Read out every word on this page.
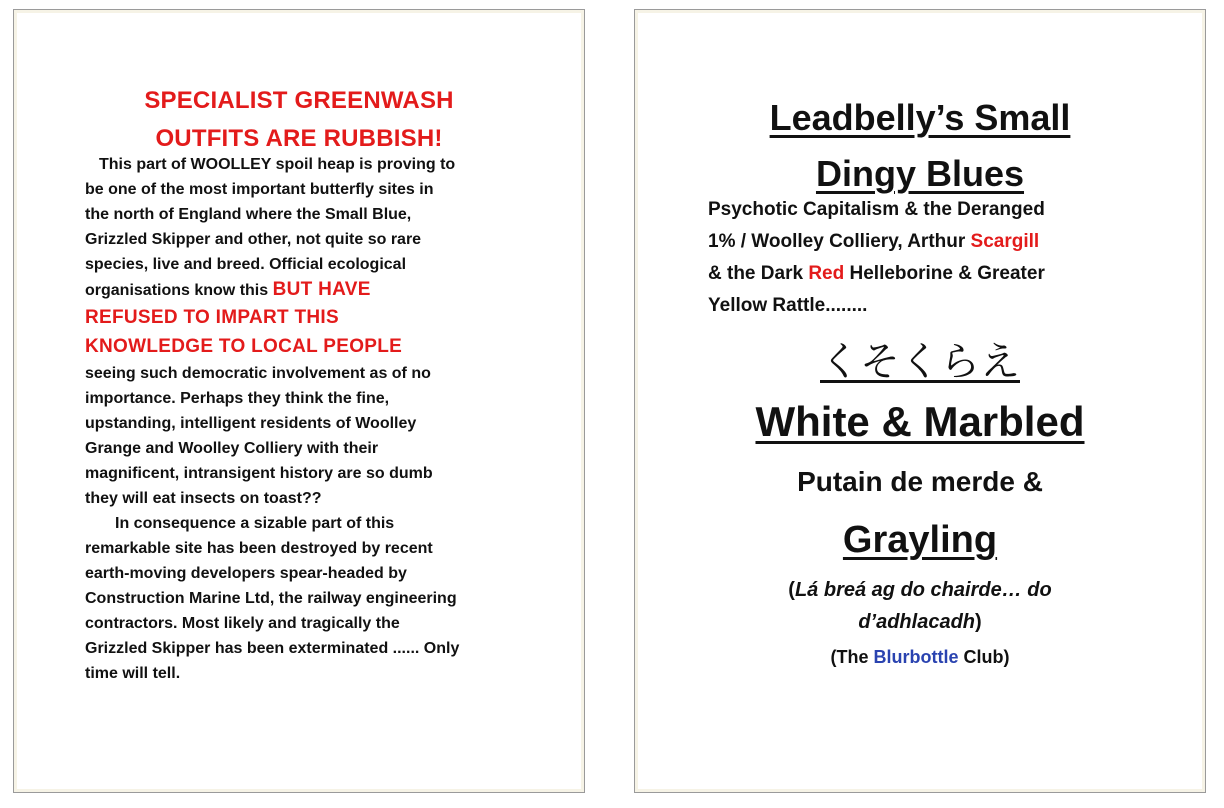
SPECIALIST GREENWASH
OUTFITS ARE RUBBISH!
This part of WOOLLEY spoil heap is proving to
be one of the most important butterfly sites in
the north of England where the Small Blue,
Grizzled Skipper and other, not quite so rare
species, live and breed. Official ecological
organisations know this BUT HAVE
REFUSED TO IMPART THIS
KNOWLEDGE TO LOCAL PEOPLE
seeing such democratic involvement as of no
importance. Perhaps they think the fine,
upstanding, intelligent residents of Woolley
Grange and Woolley Colliery with their
magnificent, intransigent history are so dumb
they will eat insects on toast??
In consequence a sizable part of this
remarkable site has been destroyed by recent
earth-moving developers spear-headed by
Construction Marine Ltd, the railway engineering
contractors. Most likely and tragically the
Grizzled Skipper has been exterminated ...... Only
time will tell.
Leadbelly’s Small
Dingy Blues
Psychotic Capitalism & the Deranged
1% / Woolley Colliery, Arthur Scargill
& the Dark Red Helleborine & Greater
Yellow Rattle........
くそくらえ
White & Marbled
Putain de merde &
Grayling
(Lá breá ag do chairde… do
d’adhlacadh)
(The Blurbottle Club)
